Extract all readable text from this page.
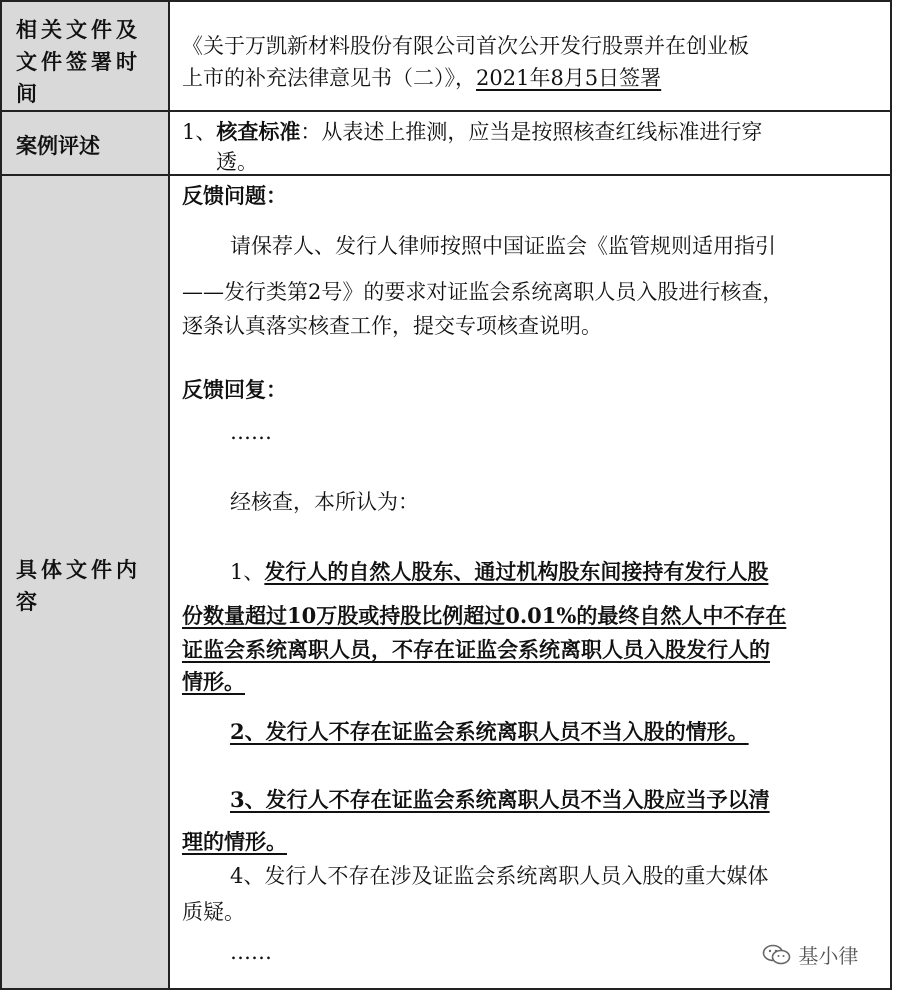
相关文件及
文件签署时
间
《关于万凯新材料股份有限公司首次公开发行股票并在创业板
上市的补充法律意见书（二）》，2021年8月5日签署
案例评述
1、核查标准：从表述上推测，应当是按照核查红线标准进行穿
透。
具体文件内
容
反馈问题：
请保荐人、发行人律师按照中国证监会《监管规则适用指引
——发行类第2号》的要求对证监会系统离职人员入股进行核查，
逐条认真落实核查工作，提交专项核查说明。
反馈回复：
……
经核查，本所认为：
1、发行人的自然人股东、通过机构股东间接持有发行人股
份数量超过10万股或持股比例超过0.01%的最终自然人中不存在
证监会系统离职人员，不存在证监会系统离职人员入股发行人的
情形。
2、发行人不存在证监会系统离职人员不当入股的情形。
3、发行人不存在证监会系统离职人员不当入股应当予以清
理的情形。
4、发行人不存在涉及证监会系统离职人员入股的重大媒体
质疑。
……	基小律
